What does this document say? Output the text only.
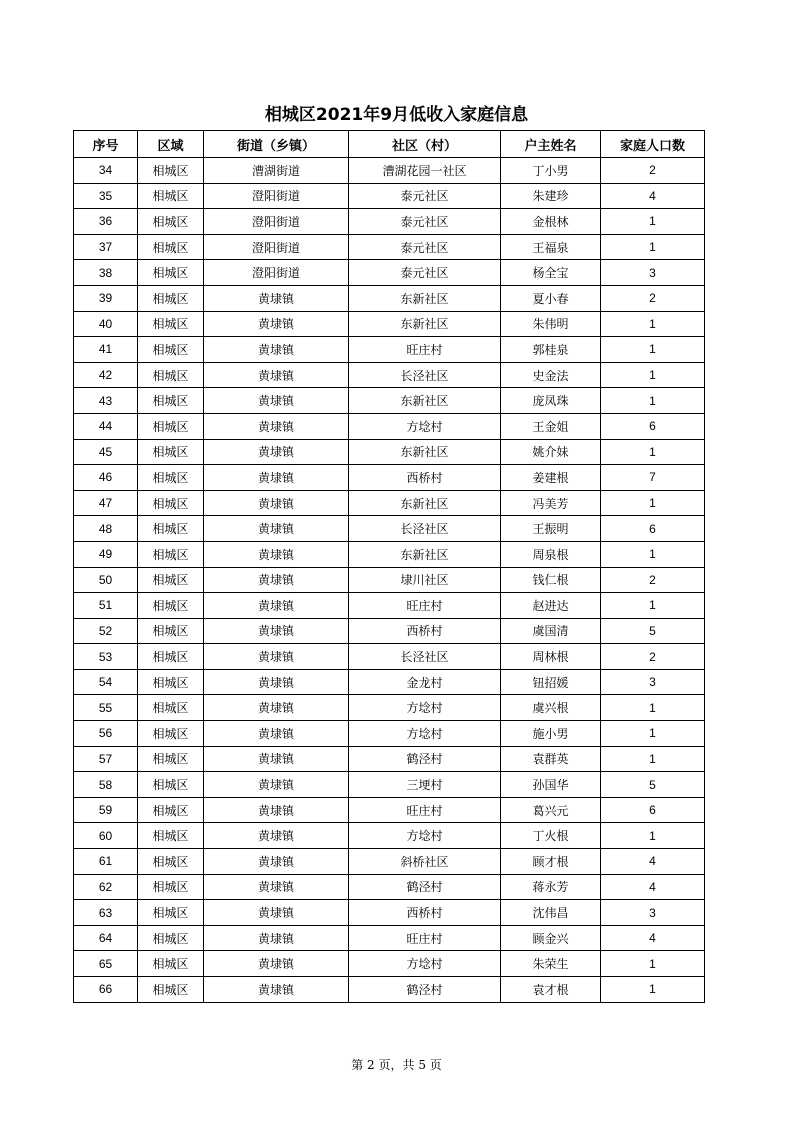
相城区2021年9月低收入家庭信息
序号	区域	街道（乡镇）	社区（村）	户主姓名	家庭人口数
34	相城区	漕湖街道	漕湖花园一社区	丁小男	2
35	相城区	澄阳街道	泰元社区	朱建珍	4
36	相城区	澄阳街道	泰元社区	金根林	1
37	相城区	澄阳街道	泰元社区	王福泉	1
38	相城区	澄阳街道	泰元社区	杨全宝	3
39	相城区	黄埭镇	东新社区	夏小春	2
40	相城区	黄埭镇	东新社区	朱伟明	1
41	相城区	黄埭镇	旺庄村	郭桂泉	1
42	相城区	黄埭镇	长泾社区	史金法	1
43	相城区	黄埭镇	东新社区	庞凤珠	1
44	相城区	黄埭镇	方埝村	王金姐	6
45	相城区	黄埭镇	东新社区	姚介妹	1
46	相城区	黄埭镇	西桥村	姜建根	7
47	相城区	黄埭镇	东新社区	冯美芳	1
48	相城区	黄埭镇	长泾社区	王振明	6
49	相城区	黄埭镇	东新社区	周泉根	1
50	相城区	黄埭镇	埭川社区	钱仁根	2
51	相城区	黄埭镇	旺庄村	赵进达	1
52	相城区	黄埭镇	西桥村	虞国清	5
53	相城区	黄埭镇	长泾社区	周林根	2
54	相城区	黄埭镇	金龙村	钮招媛	3
55	相城区	黄埭镇	方埝村	虞兴根	1
56	相城区	黄埭镇	方埝村	施小男	1
57	相城区	黄埭镇	鹤泾村	袁群英	1
58	相城区	黄埭镇	三埂村	孙国华	5
59	相城区	黄埭镇	旺庄村	葛兴元	6
60	相城区	黄埭镇	方埝村	丁火根	1
61	相城区	黄埭镇	斜桥社区	顾才根	4
62	相城区	黄埭镇	鹤泾村	蒋永芳	4
63	相城区	黄埭镇	西桥村	沈伟昌	3
64	相城区	黄埭镇	旺庄村	顾金兴	4
65	相城区	黄埭镇	方埝村	朱荣生	1
66	相城区	黄埭镇	鹤泾村	袁才根	1
第 2 页，共 5 页
